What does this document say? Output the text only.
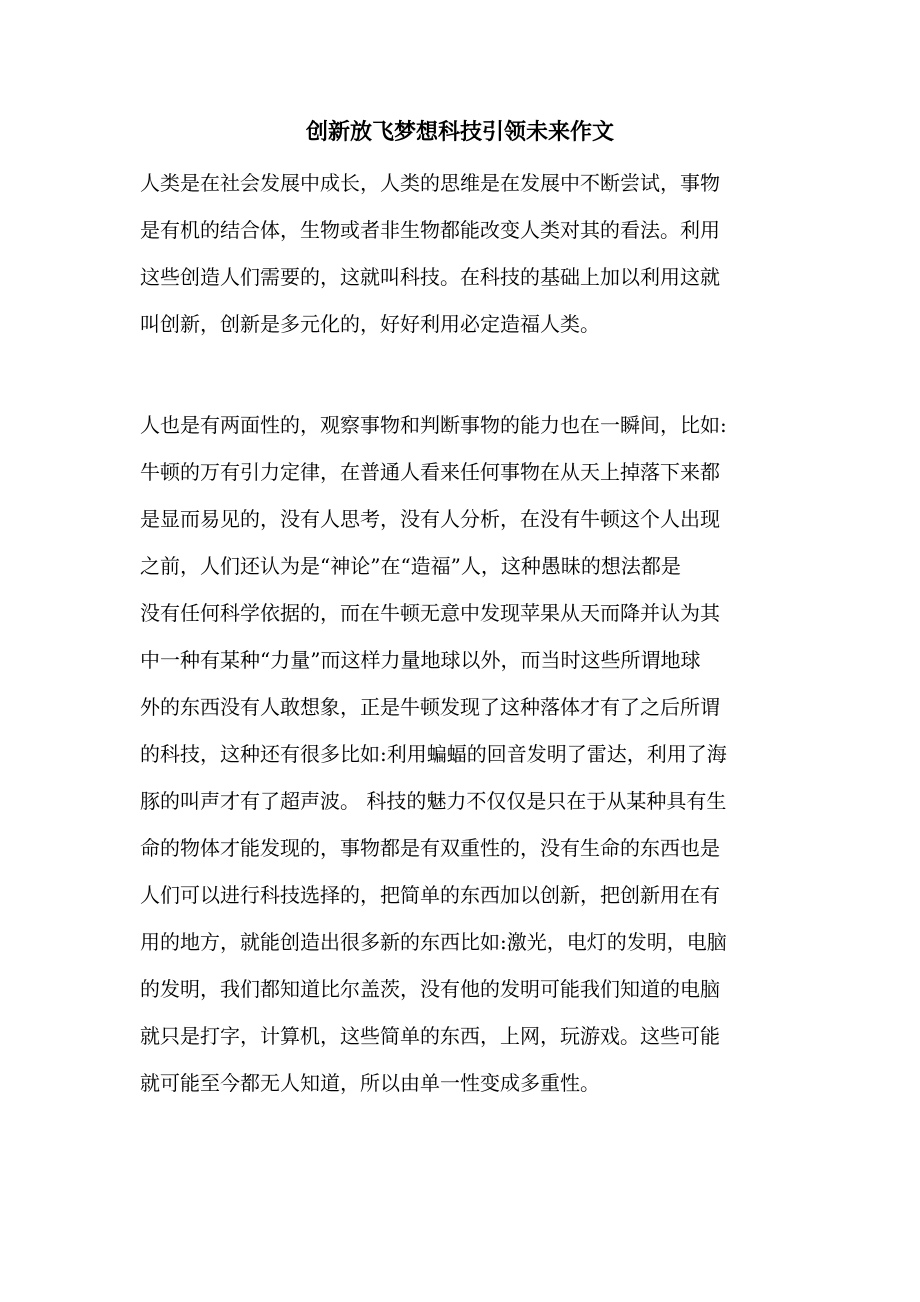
创新放飞梦想科技引领未来作文
人类是在社会发展中成长，人类的思维是在发展中不断尝试，事物
是有机的结合体，生物或者非生物都能改变人类对其的看法。利用
这些创造人们需要的，这就叫科技。在科技的基础上加以利用这就
叫创新，创新是多元化的，好好利用必定造福人类。
人也是有两面性的，观察事物和判断事物的能力也在一瞬间，比如:
牛顿的万有引力定律，在普通人看来任何事物在从天上掉落下来都
是显而易见的，没有人思考，没有人分析，在没有牛顿这个人出现
之前，人们还认为是“神论”在“造福”人，这种愚昧的想法都是
没有任何科学依据的，而在牛顿无意中发现苹果从天而降并认为其
中一种有某种“力量”而这样力量地球以外，而当时这些所谓地球
外的东西没有人敢想象，正是牛顿发现了这种落体才有了之后所谓
的科技，这种还有很多比如:利用蝙蝠的回音发明了雷达，利用了海
豚的叫声才有了超声波。 科技的魅力不仅仅是只在于从某种具有生
命的物体才能发现的，事物都是有双重性的，没有生命的东西也是
人们可以进行科技选择的，把简单的东西加以创新，把创新用在有
用的地方，就能创造出很多新的东西比如:激光，电灯的发明，电脑
的发明，我们都知道比尔盖茨，没有他的发明可能我们知道的电脑
就只是打字，计算机，这些简单的东西，上网，玩游戏。这些可能
就可能至今都无人知道，所以由单一性变成多重性。
